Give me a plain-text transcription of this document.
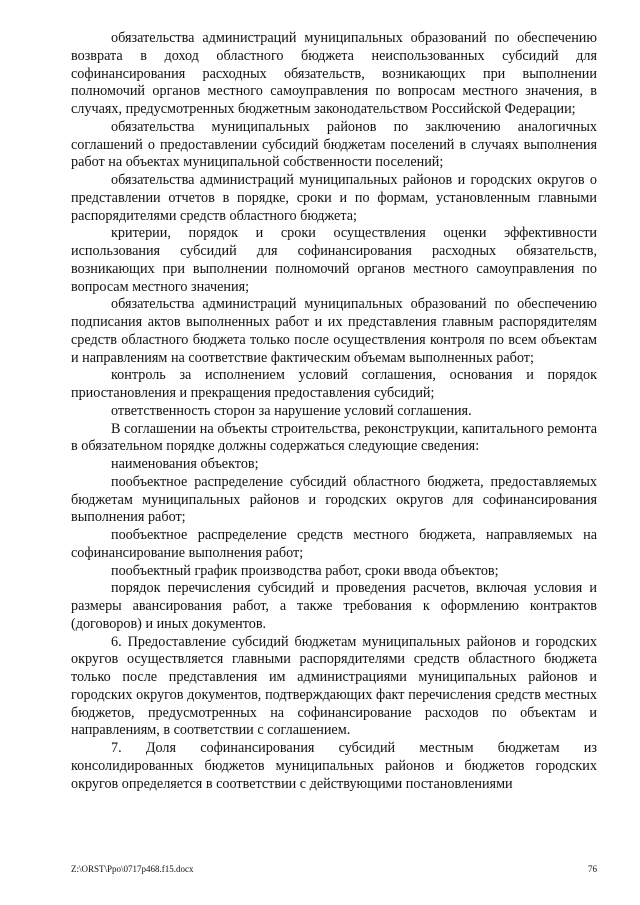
обязательства администраций муниципальных образований по обеспечению возврата в доход областного бюджета неиспользованных субсидий для софинансирования расходных обязательств, возникающих при выполнении полномочий органов местного самоуправления по вопросам местного значения, в случаях, предусмотренных бюджетным законодательством Российской Федерации;

обязательства муниципальных районов по заключению аналогичных соглашений о предоставлении субсидий бюджетам поселений в случаях выполнения работ на объектах муниципальной собственности поселений;

обязательства администраций муниципальных районов и городских округов о представлении отчетов в порядке, сроки и по формам, установленным главными распорядителями средств областного бюджета;

критерии, порядок и сроки осуществления оценки эффективности использования субсидий для софинансирования расходных обязательств, возникающих при выполнении полномочий органов местного самоуправления по вопросам местного значения;

обязательства администраций муниципальных образований по обеспечению подписания актов выполненных работ и их представления главным распорядителям средств областного бюджета только после осуществления контроля по всем объектам и направлениям на соответствие фактическим объемам выполненных работ;

контроль за исполнением условий соглашения, основания и порядок приостановления и прекращения предоставления субсидий;

ответственность сторон за нарушение условий соглашения.

В соглашении на объекты строительства, реконструкции, капитального ремонта в обязательном порядке должны содержаться следующие сведения:

наименования объектов;

пообъектное распределение субсидий областного бюджета, предоставляемых бюджетам муниципальных районов и городских округов для софинансирования выполнения работ;

пообъектное распределение средств местного бюджета, направляемых на софинансирование выполнения работ;

пообъектный график производства работ, сроки ввода объектов;

порядок перечисления субсидий и проведения расчетов, включая условия и размеры авансирования работ, а также требования к оформлению контрактов (договоров) и иных документов.

6. Предоставление субсидий бюджетам муниципальных районов и городских округов осуществляется главными распорядителями средств областного бюджета только после представления им администрациями муниципальных районов и городских округов документов, подтверждающих факт перечисления средств местных бюджетов, предусмотренных на софинансирование расходов по объектам и направлениям, в соответствии с соглашением.

7. Доля софинансирования субсидий местным бюджетам из консолидированных бюджетов муниципальных районов и бюджетов городских округов определяется в соответствии с действующими постановлениями

Z:\ORST\Ppo\0717p468.f15.docx	76
